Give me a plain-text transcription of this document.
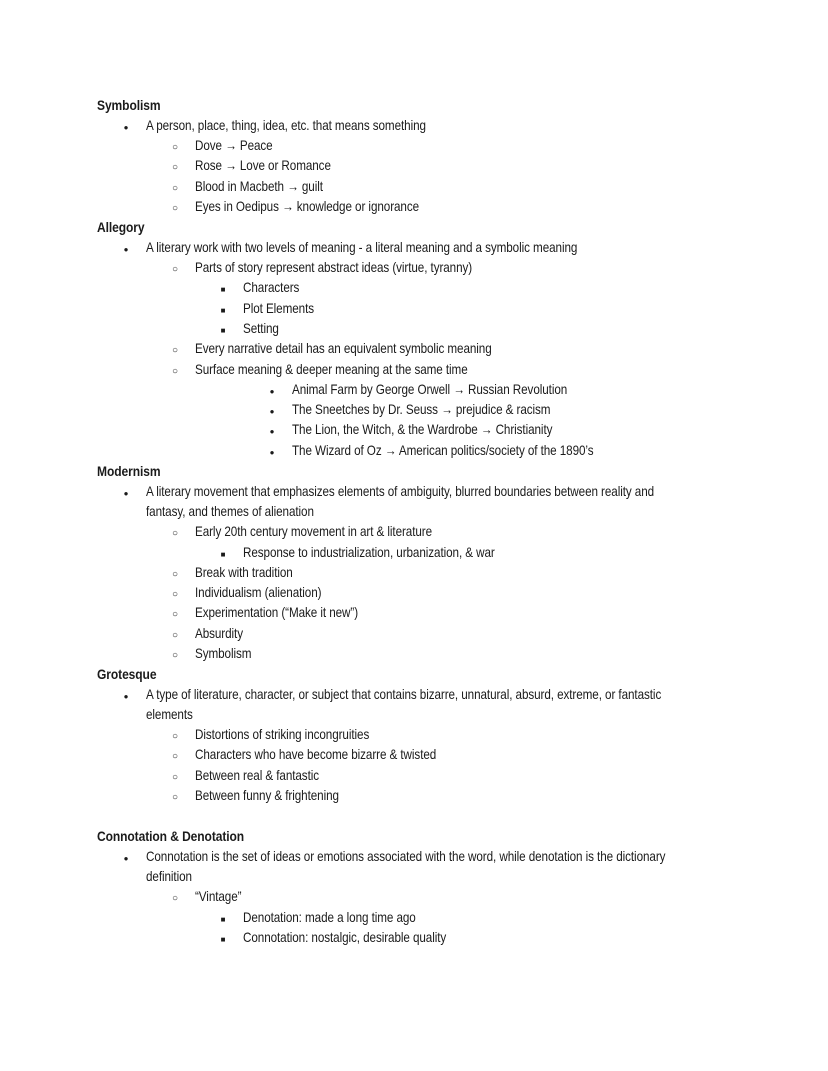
Symbolism
●
A person, place, thing, idea, etc. that means something
○
Dove → Peace
○
Rose → Love or Romance
○
Blood in Macbeth → guilt
○
Eyes in Oedipus → knowledge or ignorance
Allegory
●
A literary work with two levels of meaning - a literal meaning and a symbolic meaning
○
Parts of story represent abstract ideas (virtue, tyranny)
■
Characters
■
Plot Elements
■
Setting
○
Every narrative detail has an equivalent symbolic meaning
○
Surface meaning & deeper meaning at the same time
●
Animal Farm by George Orwell → Russian Revolution
●
The Sneetches by Dr. Seuss → prejudice & racism
●
The Lion, the Witch, & the Wardrobe → Christianity
●
The Wizard of Oz → American politics/society of the 1890’s
Modernism
●
A literary movement that emphasizes elements of ambiguity, blurred boundaries between reality and
fantasy, and themes of alienation
○
Early 20th century movement in art & literature
■
Response to industrialization, urbanization, & war
○
Break with tradition
○
Individualism (alienation)
○
Experimentation (“Make it new”)
○
Absurdity
○
Symbolism
Grotesque
●
A type of literature, character, or subject that contains bizarre, unnatural, absurd, extreme, or fantastic
elements
○
Distortions of striking incongruities
○
Characters who have become bizarre & twisted
○
Between real & fantastic
○
Between funny & frightening
Connotation & Denotation
●
Connotation is the set of ideas or emotions associated with the word, while denotation is the dictionary
definition
○
“Vintage”
■
Denotation: made a long time ago
■
Connotation: nostalgic, desirable quality
